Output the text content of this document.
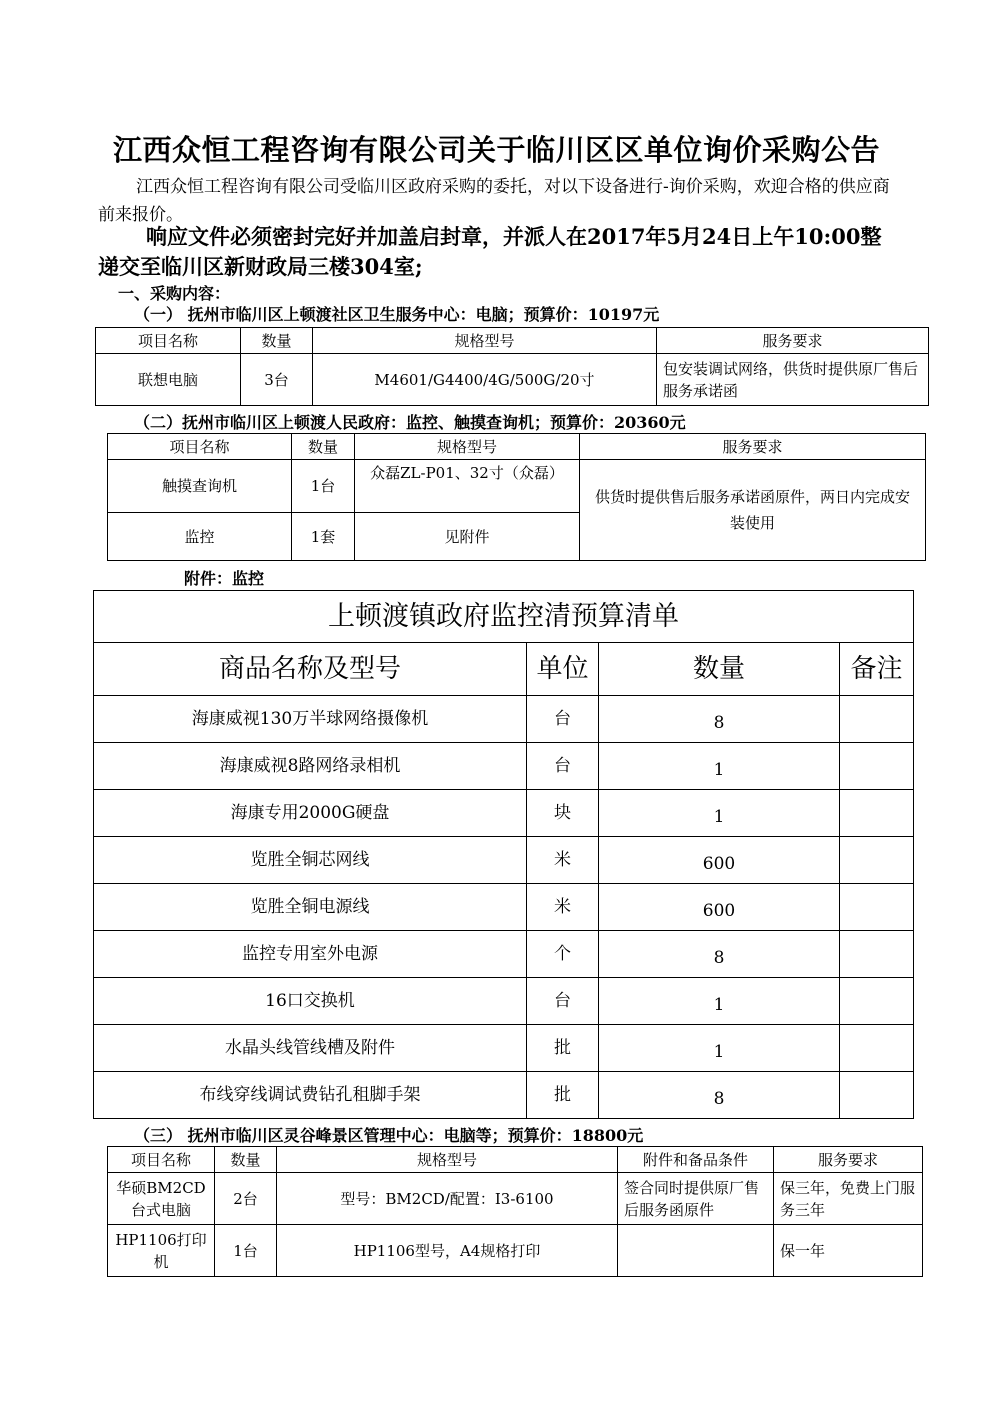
江西众恒工程咨询有限公司关于临川区区单位询价采购公告
江西众恒工程咨询有限公司受临川区政府采购的委托，对以下设备进行-询价采购，欢迎合格的供应商前来报价。
响应文件必须密封完好并加盖启封章，并派人在2017年5月24日上午10:00整递交至临川区新财政局三楼304室;
一、采购内容：
（一） 抚州市临川区上顿渡社区卫生服务中心：电脑；预算价：10197元
项目名称	数量	规格型号	服务要求
联想电脑	3台	M4601/G4400/4G/500G/20寸	包安装调试网络，供货时提供原厂售后服务承诺函
（二）抚州市临川区上顿渡人民政府：监控、触摸查询机；预算价：20360元
项目名称	数量	规格型号	服务要求
触摸查询机	1台	众磊ZL-P01、32寸（众磊）	供货时提供售后服务承诺函原件，两日内完成安装使用
监控	1套	见附件	
附件：监控
上顿渡镇政府监控清预算清单			
商品名称及型号	单位	数量	备注
海康威视130万半球网络摄像机	台	8	
海康威视8路网络录相机	台	1	
海康专用2000G硬盘	块	1	
览胜全铜芯网线	米	600	
览胜全铜电源线	米	600	
监控专用室外电源	个	8	
16口交换机	台	1	
水晶头线管线槽及附件	批	1	
布线穿线调试费钻孔租脚手架	批	8	
（三） 抚州市临川区灵谷峰景区管理中心：电脑等；预算价：18800元
项目名称	数量	规格型号	附件和备品条件	服务要求
华硕BM2CD台式电脑	2台	型号：BM2CD/配置：I3-6100	签合同时提供原厂售后服务函原件	保三年，免费上门服务三年
HP1106打印机	1台	HP1106型号，A4规格打印		保一年
